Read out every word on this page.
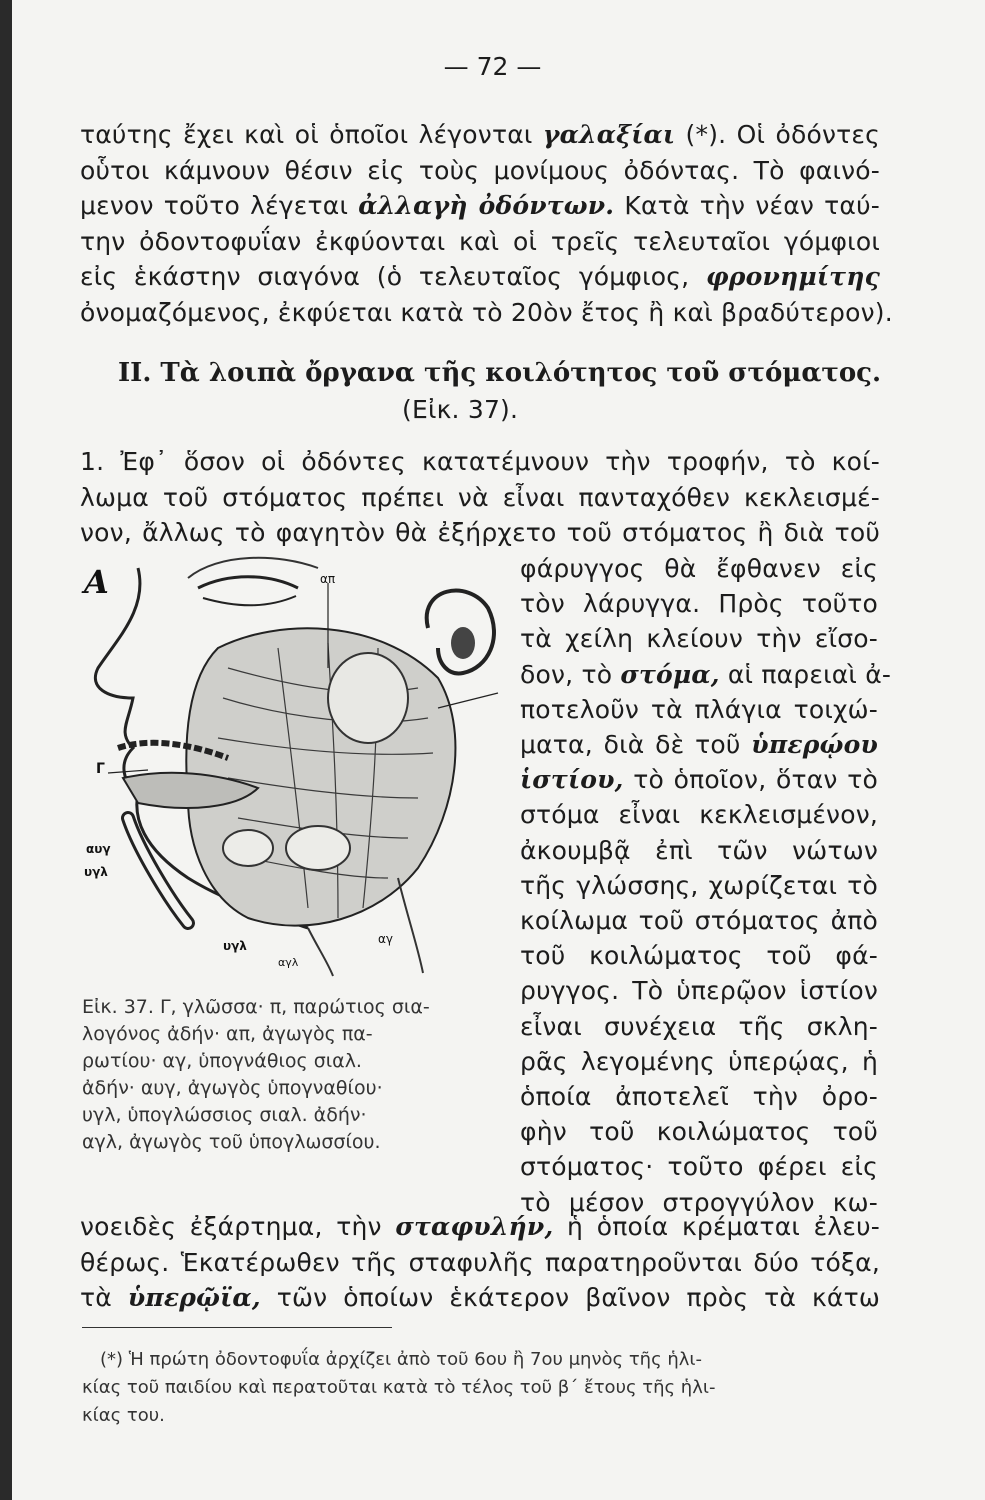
— 72 —
ταύτης ἔχει καὶ οἱ ὁποῖοι λέγονται γαλαξίαι (*). Οἱ ὀδόντες
οὗτοι κάμνουν θέσιν εἰς τοὺς μονίμους ὀδόντας. Τὸ φαινό-
μενον τοῦτο λέγεται ἀλλαγὴ ὀδόντων. Κατὰ τὴν νέαν ταύ-
την ὀδοντοφυΐαν ἐκφύονται καὶ οἱ τρεῖς τελευταῖοι γόμφιοι
εἰς ἑκάστην σιαγόνα (ὁ τελευταῖος γόμφιος, φρονημίτης
ὀνομαζόμενος, ἐκφύεται κατὰ τὸ 20ὸν ἔτος ἢ καὶ βραδύτερον).
II. Τὰ λοιπὰ ὄργανα τῆς κοιλότητος τοῦ στόματος.
(Εἰκ. 37).
1. Ἐφ᾽ ὅσον οἱ ὀδόντες κατατέμνουν τὴν τροφήν, τὸ κοί-
λωμα τοῦ στόματος πρέπει νὰ εἶναι πανταχόθεν κεκλεισμέ-
νον, ἄλλως τὸ φαγητὸν θὰ ἐξήρχετο τοῦ στόματος ἢ διὰ τοῦ
φάρυγγος θὰ ἔφθανεν εἰς
τὸν λάρυγγα. Πρὸς τοῦτο
τὰ χείλη κλείουν τὴν εἴσο-
δον, τὸ στόμα, αἱ παρειαὶ ἀ-
ποτελοῦν τὰ πλάγια τοιχώ-
ματα, διὰ δὲ τοῦ ὑπερῴου
ἱστίου, τὸ ὁποῖον, ὅταν τὸ
στόμα εἶναι κεκλεισμένον,
ἀκουμβᾷ ἐπὶ τῶν νώτων
τῆς γλώσσης, χωρίζεται τὸ
κοίλωμα τοῦ στόματος ἀπὸ
τοῦ κοιλώματος τοῦ φά-
ρυγγος. Τὸ ὑπερῷον ἱστίον
εἶναι συνέχεια τῆς σκλη-
ρᾶς λεγομένης ὑπερῴας, ἡ
ὁποία ἀποτελεῖ τὴν ὀρο-
φὴν τοῦ κοιλώματος τοῦ
στόματος· τοῦτο φέρει εἰς
τὸ μέσον στρογγύλον κω-
νοειδὲς ἐξάρτημα, τὴν σταφυλήν, ἡ ὁποία κρέμαται ἐλευ-
θέρως. Ἑκατέρωθεν τῆς σταφυλῆς παρατηροῦνται δύο τόξα,
τὰ ὑπερῷϊα, τῶν ὁποίων ἑκάτερον βαῖνον πρὸς τὰ κάτω
Α	απ
Γ
αυγ
υγλ
υγλ	αγ
αγλ
Εἰκ. 37. Γ, γλῶσσα· π, παρώτιος σια-
λογόνος ἀδήν· απ, ἀγωγὸς πα-
ρωτίου· αγ, ὑπογνάθιος σιαλ.
ἀδήν· αυγ, ἀγωγὸς ὑπογναθίου·
υγλ, ὑπογλώσσιος σιαλ. ἀδήν·
αγλ, ἀγωγὸς τοῦ ὑπογλωσσίου.
(*) Ἡ πρώτη ὀδοντοφυΐα ἀρχίζει ἀπὸ τοῦ 6ου ἢ 7ου μηνὸς τῆς ἡλι-
κίας τοῦ παιδίου καὶ περατοῦται κατὰ τὸ τέλος τοῦ β´ ἔτους τῆς ἡλι-
κίας του.
